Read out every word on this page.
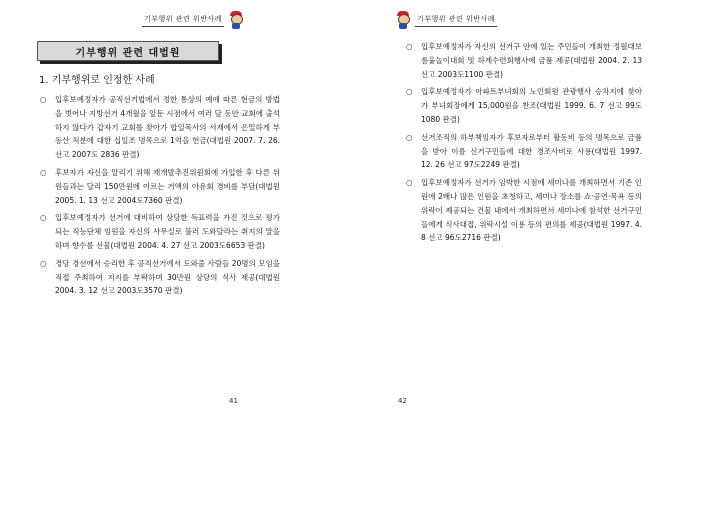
기부행위 관련 위반사례
기부행위 관련 대법원
1. 기부행위로 인정한 사례
○ 입후보예정자가 공직선거법에서 정한 통상의 예에 따른 현금의 방법을 벗어나 지방선거 4개월을 앞둔 시점에서 여러 달 동안 교회에 출석하지 않다가 갑자기 교회를 찾아가 합일목사의 서재에서 은밀하게 부동산 처분에 대한 십일조 명목으로 1억을 헌금(대법원 2007. 7. 26. 선고 2007도 2836 판결)
○ 후보자가 자신을 알리기 위해 재개발추진위원회에 가입한 후 다른 위원들과는 달리 150만원에 이르는 거액의 아유회 경비를 부담(대법원 2005. 1. 13 선고 2004도7360 판결)
○ 입후보예정자가 선거에 대비하여 상당한 득표력을 가진 것으로 평가되는 직능단체 임원을 자신의 사무실로 불러 도와달라는 취지의 말을 하며 향수를 선물(대법원 2004. 4. 27 선고 2003도6653 판결)
○ 경당 경선에서 승리한 후 공직선거에서 도와줄 사람들 20명의 모임을 직접 주최하여 지지를 부탁하며 30만원 상당의 식사 제공(대법원 2004. 3. 12 선고 2003도3570 판결)
41
기부행위 관련 위반사례
○ 입후보예정자가 자신의 선거구 안에 있는 주민들이 개최한 정월대보름윷놀이대회 및 하계수련회행사에 금품 제공(대법원 2004. 2. 13 선고 2003도1100 판결)
○ 입후보예정자가 아파트부녀회의 노인회원 관광행사 승차지에 찾아가 부녀회장에게 15,000원을 찬조(대법원 1999. 6. 7 선고 99도1080 판결)
○ 선거조직의 하부책임자가 후보자로부터 활동비 등의 명목으로 금품을 받아 이를 선거구민들에 대한 경조사비로 사용(대법원 1997. 12. 26 선고 97도2249 판결)
○ 입후보예정자가 선거가 임박한 시점에 세미나를 개최하면서 기존 인원에 2배나 많은 인원을 초청하고, 세미나 장소를 쇼·공연·목욕 등의 위락이 제공되는 건물 내에서 개최하면서 세미나에 참석한 선거구민들에게 식사대접, 위락시설 이용 등의 편의를 제공(대법원 1997. 4. 8 선고 96도2716 판결)
42
